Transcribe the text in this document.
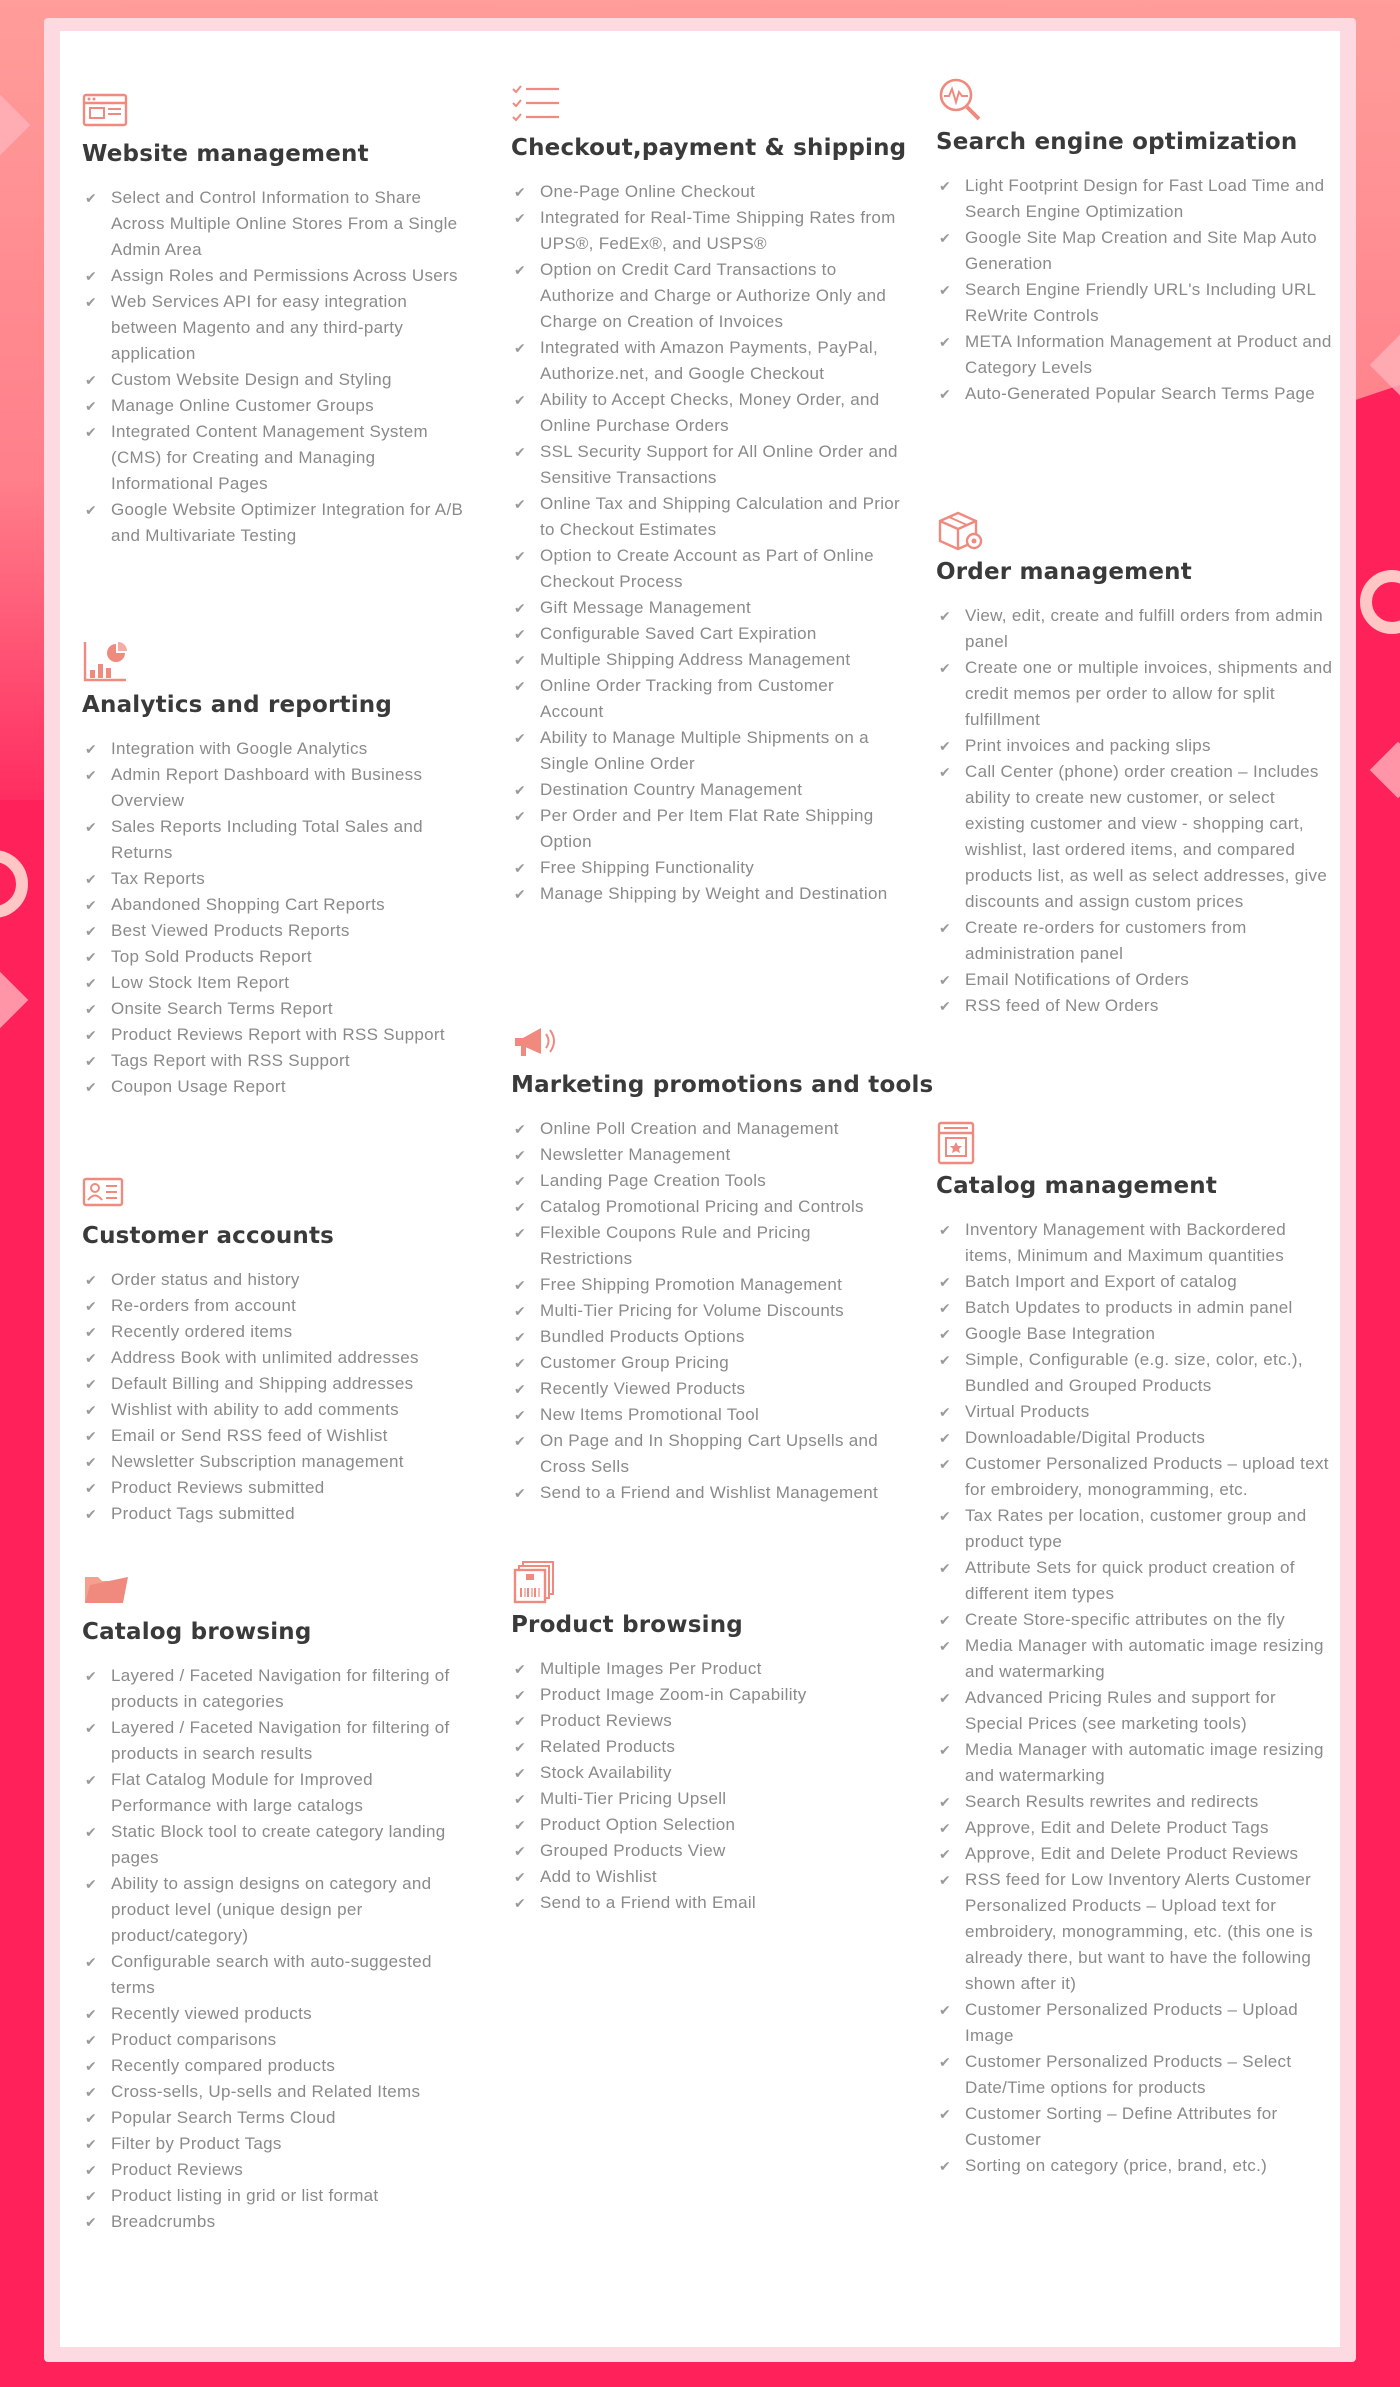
Website management
✔ Select and Control Information to Share Across Multiple Online Stores From a Single Admin Area
✔ Assign Roles and Permissions Across Users
✔ Web Services API for easy integration between Magento and any third-party application
✔ Custom Website Design and Styling
✔ Manage Online Customer Groups
✔ Integrated Content Management System (CMS) for Creating and Managing Informational Pages
✔ Google Website Optimizer Integration for A/B and Multivariate Testing
Analytics and reporting
✔ Integration with Google Analytics
✔ Admin Report Dashboard with Business Overview
✔ Sales Reports Including Total Sales and Returns
✔ Tax Reports
✔ Abandoned Shopping Cart Reports
✔ Best Viewed Products Reports
✔ Top Sold Products Report
✔ Low Stock Item Report
✔ Onsite Search Terms Report
✔ Product Reviews Report with RSS Support
✔ Tags Report with RSS Support
✔ Coupon Usage Report
Customer accounts
✔ Order status and history
✔ Re-orders from account
✔ Recently ordered items
✔ Address Book with unlimited addresses
✔ Default Billing and Shipping addresses
✔ Wishlist with ability to add comments
✔ Email or Send RSS feed of Wishlist
✔ Newsletter Subscription management
✔ Product Reviews submitted
✔ Product Tags submitted
Catalog browsing
✔ Layered / Faceted Navigation for filtering of products in categories
✔ Layered / Faceted Navigation for filtering of products in search results
✔ Flat Catalog Module for Improved Performance with large catalogs
✔ Static Block tool to create category landing pages
✔ Ability to assign designs on category and product level (unique design per product/category)
✔ Configurable search with auto-suggested terms
✔ Recently viewed products
✔ Product comparisons
✔ Recently compared products
✔ Cross-sells, Up-sells and Related Items
✔ Popular Search Terms Cloud
✔ Filter by Product Tags
✔ Product Reviews
✔ Product listing in grid or list format
✔ Breadcrumbs
Checkout,payment & shipping
✔ One-Page Online Checkout
✔ Integrated for Real-Time Shipping Rates from UPS®, FedEx®, and USPS®
✔ Option on Credit Card Transactions to Authorize and Charge or Authorize Only and Charge on Creation of Invoices
✔ Integrated with Amazon Payments, PayPal, Authorize.net, and Google Checkout
✔ Ability to Accept Checks, Money Order, and Online Purchase Orders
✔ SSL Security Support for All Online Order and Sensitive Transactions
✔ Online Tax and Shipping Calculation and Prior to Checkout Estimates
✔ Option to Create Account as Part of Online Checkout Process
✔ Gift Message Management
✔ Configurable Saved Cart Expiration
✔ Multiple Shipping Address Management
✔ Online Order Tracking from Customer Account
✔ Ability to Manage Multiple Shipments on a Single Online Order
✔ Destination Country Management
✔ Per Order and Per Item Flat Rate Shipping Option
✔ Free Shipping Functionality
✔ Manage Shipping by Weight and Destination
Marketing promotions and tools
✔ Online Poll Creation and Management
✔ Newsletter Management
✔ Landing Page Creation Tools
✔ Catalog Promotional Pricing and Controls
✔ Flexible Coupons Rule and Pricing Restrictions
✔ Free Shipping Promotion Management
✔ Multi-Tier Pricing for Volume Discounts
✔ Bundled Products Options
✔ Customer Group Pricing
✔ Recently Viewed Products
✔ New Items Promotional Tool
✔ On Page and In Shopping Cart Upsells and Cross Sells
✔ Send to a Friend and Wishlist Management
Product browsing
✔ Multiple Images Per Product
✔ Product Image Zoom-in Capability
✔ Product Reviews
✔ Related Products
✔ Stock Availability
✔ Multi-Tier Pricing Upsell
✔ Product Option Selection
✔ Grouped Products View
✔ Add to Wishlist
✔ Send to a Friend with Email
Search engine optimization
✔ Light Footprint Design for Fast Load Time and Search Engine Optimization
✔ Google Site Map Creation and Site Map Auto Generation
✔ Search Engine Friendly URL's Including URL ReWrite Controls
✔ META Information Management at Product and Category Levels
✔ Auto-Generated Popular Search Terms Page
Order management
✔ View, edit, create and fulfill orders from admin panel
✔ Create one or multiple invoices, shipments and credit memos per order to allow for split fulfillment
✔ Print invoices and packing slips
✔ Call Center (phone) order creation – Includes ability to create new customer, or select existing customer and view - shopping cart, wishlist, last ordered items, and compared products list, as well as select addresses, give discounts and assign custom prices
✔ Create re-orders for customers from administration panel
✔ Email Notifications of Orders
✔ RSS feed of New Orders
Catalog management
✔ Inventory Management with Backordered items, Minimum and Maximum quantities
✔ Batch Import and Export of catalog
✔ Batch Updates to products in admin panel
✔ Google Base Integration
✔ Simple, Configurable (e.g. size, color, etc.), Bundled and Grouped Products
✔ Virtual Products
✔ Downloadable/Digital Products
✔ Customer Personalized Products – upload text for embroidery, monogramming, etc.
✔ Tax Rates per location, customer group and product type
✔ Attribute Sets for quick product creation of different item types
✔ Create Store-specific attributes on the fly
✔ Media Manager with automatic image resizing and watermarking
✔ Advanced Pricing Rules and support for Special Prices (see marketing tools)
✔ Media Manager with automatic image resizing and watermarking
✔ Search Results rewrites and redirects
✔ Approve, Edit and Delete Product Tags
✔ Approve, Edit and Delete Product Reviews
✔ RSS feed for Low Inventory Alerts Customer Personalized Products – Upload text for embroidery, monogramming, etc. (this one is already there, but want to have the following shown after it)
✔ Customer Personalized Products – Upload Image
✔ Customer Personalized Products – Select Date/Time options for products
✔ Customer Sorting – Define Attributes for Customer
✔ Sorting on category (price, brand, etc.)
